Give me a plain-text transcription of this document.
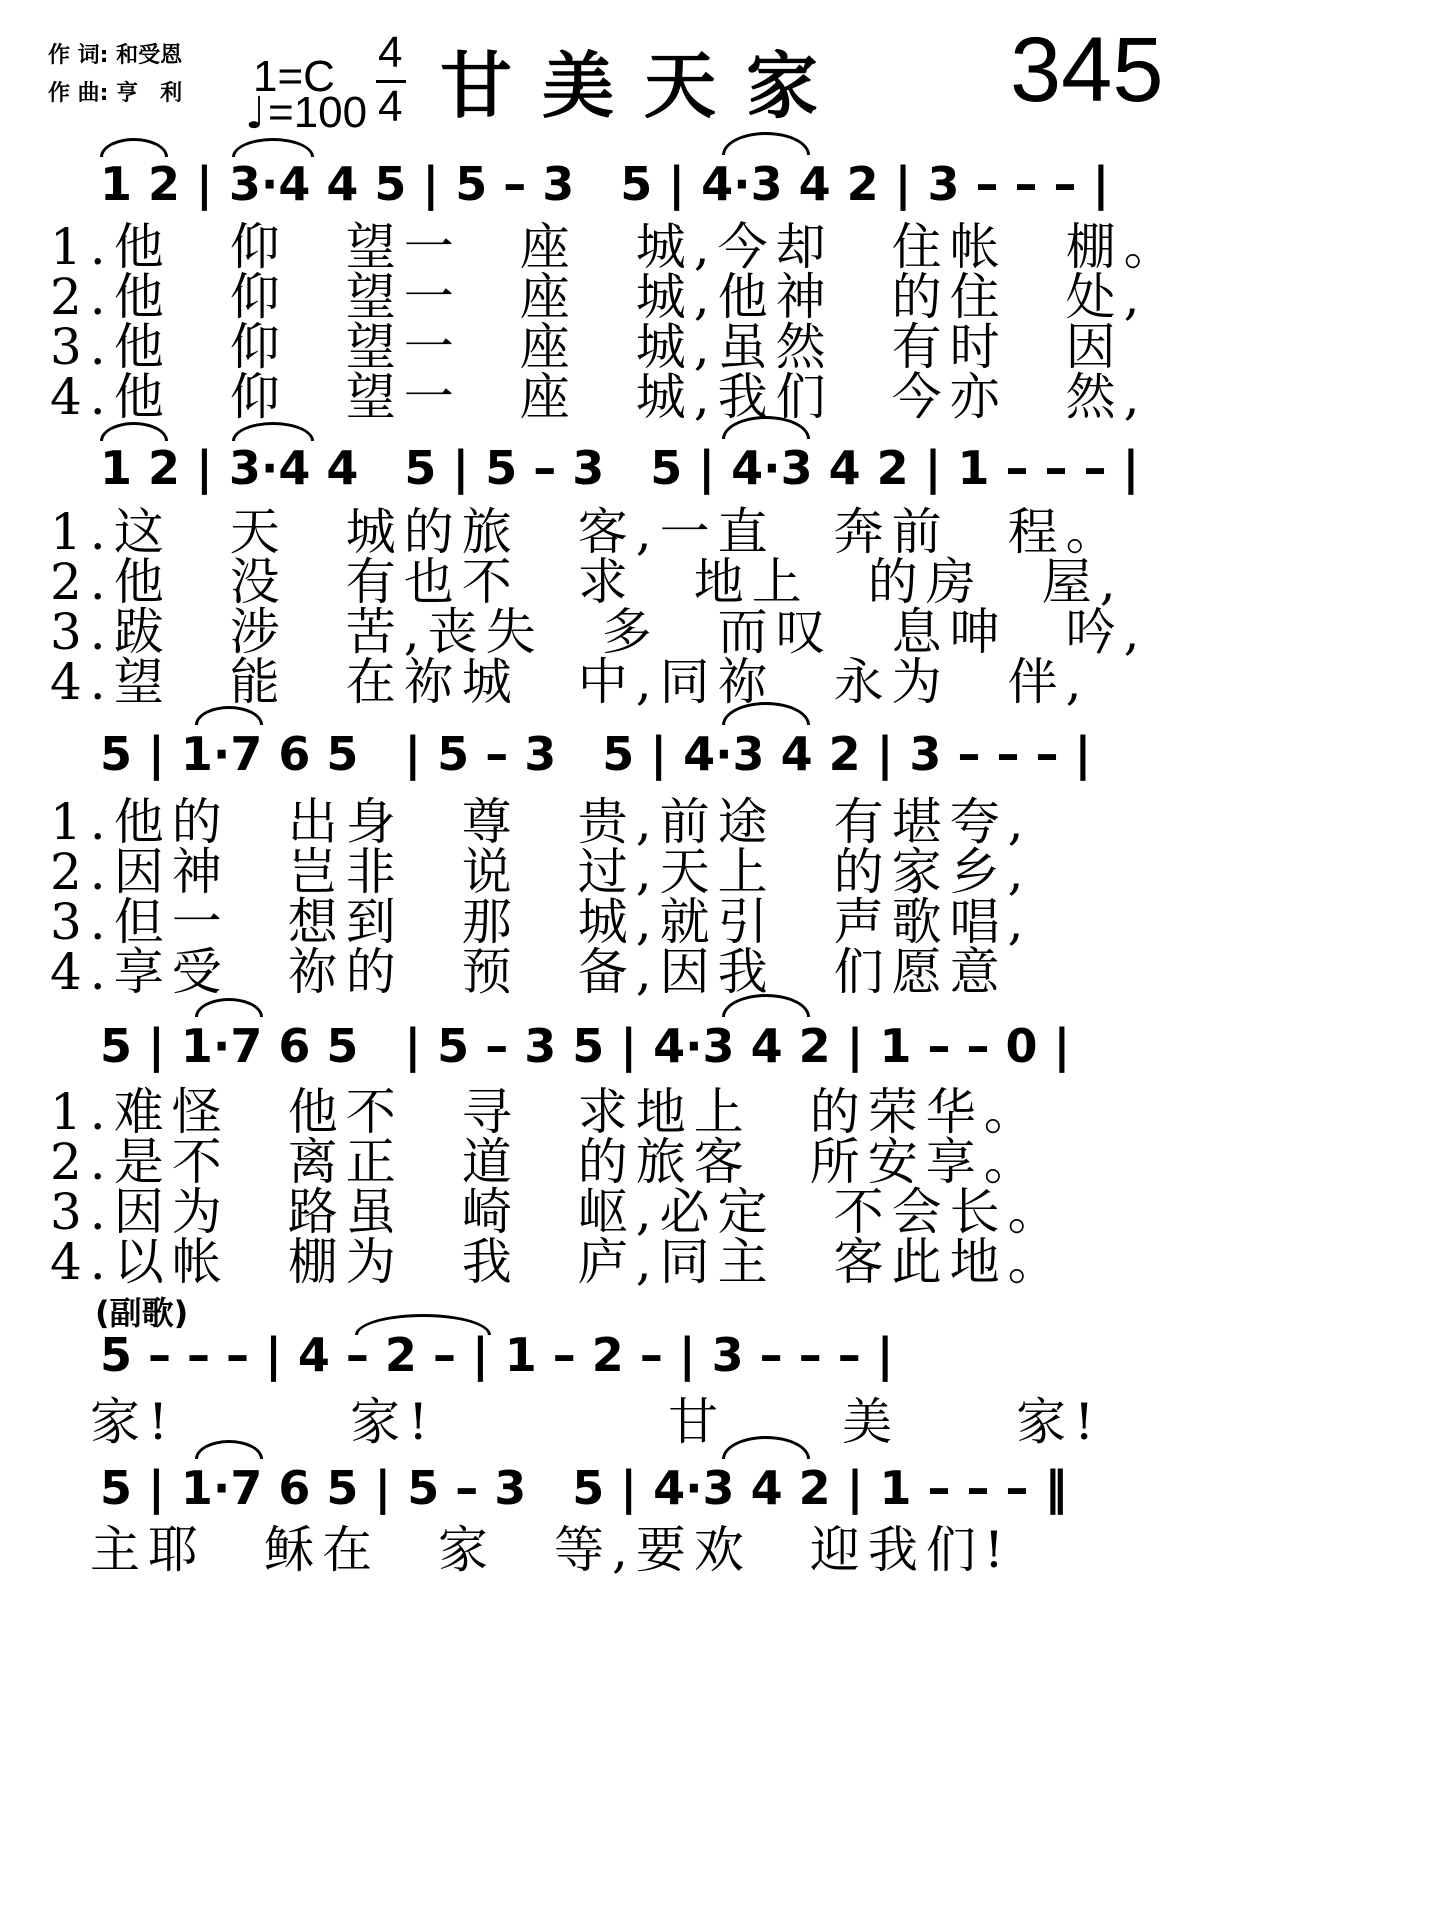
作 词: 和受恩
作 曲: 亨　利 1=C 4
4
♩ =100 甘美天家 345
1 2 | 3·4 4 5 | 5 – 3　5 | 4·3 4 2 | 3 – – – |
1.他　仰　望一　座　城,今却　住帐　棚。
2.他　仰　望一　座　城,他神　的住　处,
3.他　仰　望一　座　城,虽然　有时　因
4.他　仰　望一　座　城,我们　今亦　然,
1 2 | 3·4 4　5 | 5 – 3　5 | 4·3 4 2 | 1 – – – |
1.这　天　城的旅　客,一直　奔前　程。
2.他　没　有也不　求　地上　的房　屋,
3.跋　涉　苦,丧失　多　而叹　息呻　吟,
4.望　能　在祢城　中,同祢　永为　伴,
5 | 1·7 6 5　| 5 – 3　5 | 4·3 4 2 | 3 – – – |
1.他的　出身　尊　贵,前途　有堪夸,
2.因神　岂非　说　过,天上　的家乡,
3.但一　想到　那　城,就引　声歌唱,
4.享受　祢的　预　备,因我　们愿意
5 | 1·7 6 5　| 5 – 3 5 | 4·3 4 2 | 1 – – 0 |
1.难怪　他不　寻　求地上　的荣华。
2.是不　离正　道　的旅客　所安享。
3.因为　路虽　崎　岖,必定　不会长。
4.以帐　棚为　我　庐,同主　客此地。
(副歌)
5 – – – | 4 – 2 – | 1 – 2 – | 3 – – – |
家!　　　家!　　　　甘　　美　　家!
5 | 1·7 6 5 | 5 – 3　5 | 4·3 4 2 | 1 – – – ‖
主耶　稣在　家　等,要欢　迎我们!
